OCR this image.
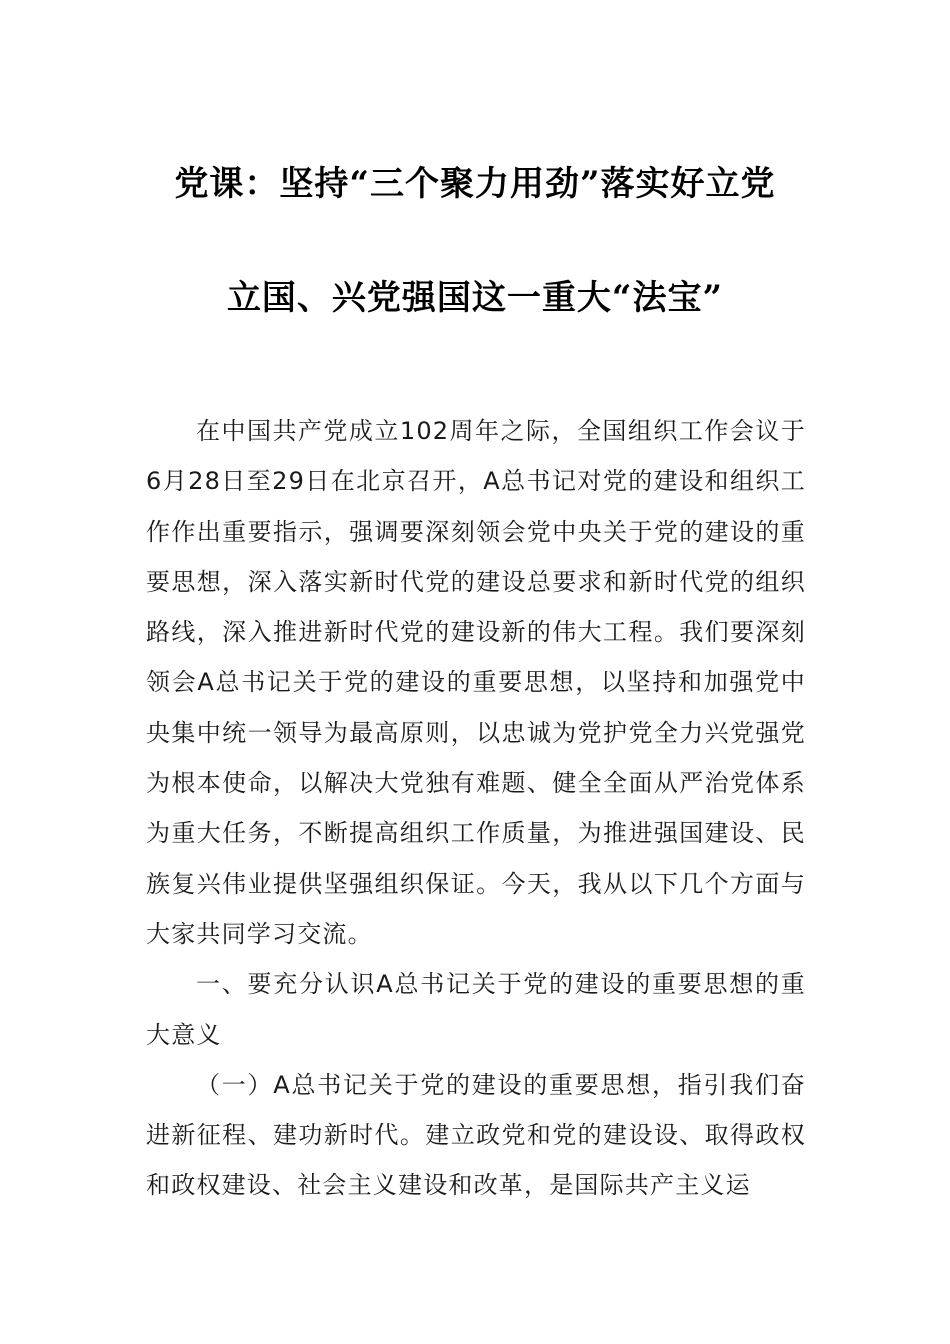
党课：坚持“三个聚力用劲”落实好立党
立国、兴党强国这一重大“法宝”

在中国共产党成立102周年之际，全国组织工作会议于6月28日至29日在北京召开，A总书记对党的建设和组织工作作出重要指示，强调要深刻领会党中央关于党的建设的重要思想，深入落实新时代党的建设总要求和新时代党的组织路线，深入推进新时代党的建设新的伟大工程。我们要深刻领会A总书记关于党的建设的重要思想，以坚持和加强党中央集中统一领导为最高原则，以忠诚为党护党全力兴党强党为根本使命，以解决大党独有难题、健全全面从严治党体系为重大任务，不断提高组织工作质量，为推进强国建设、民族复兴伟业提供坚强组织保证。今天，我从以下几个方面与大家共同学习交流。

一、要充分认识A总书记关于党的建设的重要思想的重大意义

（一）A总书记关于党的建设的重要思想，指引我们奋进新征程、建功新时代。建立政党和党的建设设、取得政权和政权建设、社会主义建设和改革，是国际共产主义运
